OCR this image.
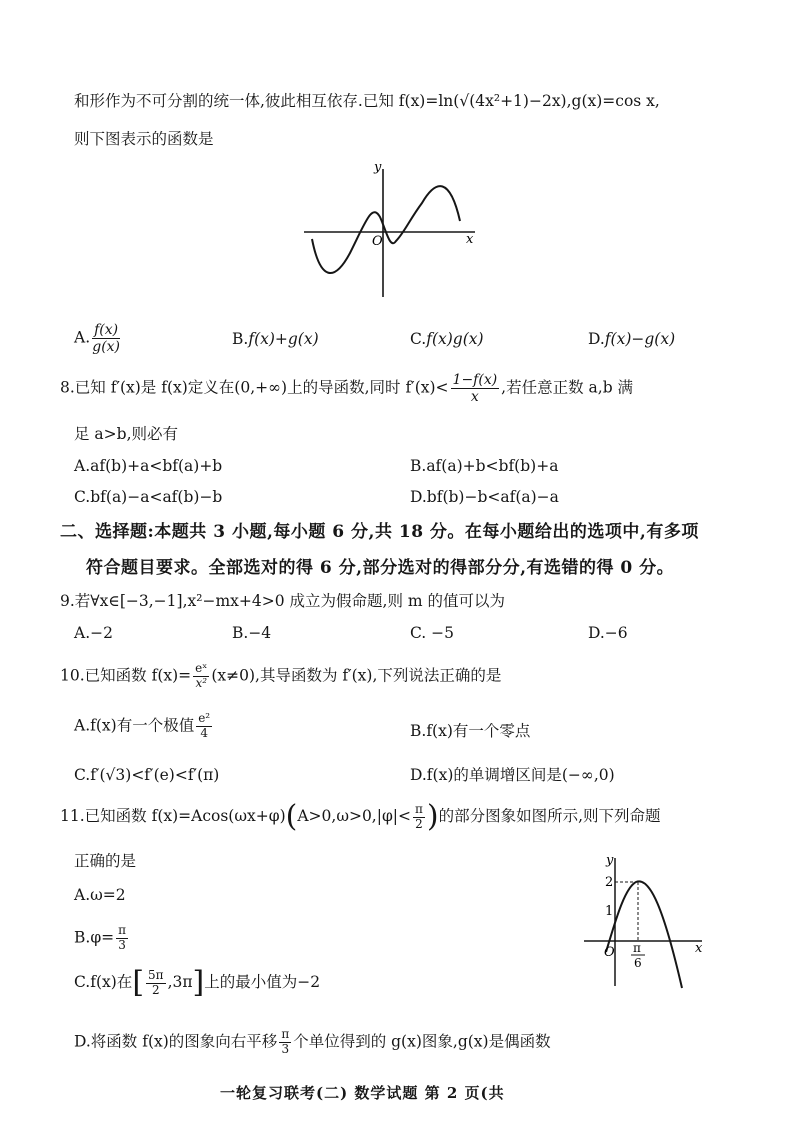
和形作为不可分割的统一体,彼此相互依存.已知 f(x)=ln(√(4x²+1)−2x),g(x)=cos x,
则下图表示的函数是
y
x
O
A. $\frac{f(x)}{g(x)}$	B.f(x)+g(x)	C.f(x)g(x)	D.f(x)−g(x)
8.已知 f′(x)是 f(x)定义在(0,+∞)上的导函数,同时 $f'(x)< \frac{1-f(x)}{x}$ ,若任意正数 a,b 满
足 a>b,则必有
A.af(b)+a<bf(a)+b	B.af(a)+b<bf(b)+a
C.bf(a)−a<af(b)−b	D.bf(b)−b<af(a)−a
二、选择题:本题共 3 小题,每小题 6 分,共 18 分。在每小题给出的选项中,有多项
符合题目要求。全部选对的得 6 分,部分选对的得部分分,有选错的得 0 分。
9.若∀x∈[−3,−1],x²−mx+4>0 成立为假命题,则 m 的值可以为
A.−2	B.−4	C. −5	D.−6
10.已知函数 $f(x)= \frac{\text{eˣ}}{\text{x²}} (x\ne 0)$,其导函数为 f′(x),下列说法正确的是
A.f(x)有一个极值 $\frac{\text{e²}}{4}$	B.f(x)有一个零点
C.f′(√3)<f′(e)<f′(π)	D.f(x)的单调增区间是(−∞,0)
11.已知函数 $f(x)=Acos(\omega x+\varphi)(A>0,\omega>0,|\varphi|< \frac{\pi}{2}$ )的部分图象如图所示,则下列命题
正确的是
A.ω=2
$B.\varphi= \frac{\pi}{3}$
C.f(x)在[ $\frac{5\pi}{2} ,3\pi$]上的最小值为−2
D.将函数 f(x)的图象向右平移 $\frac{\pi}{3}$ 个单位得到的 g(x)图象,g(x)是偶函数
y
x
O
2
1
π
6
一轮复习联考(二) 数学试题 第 2 页(共
